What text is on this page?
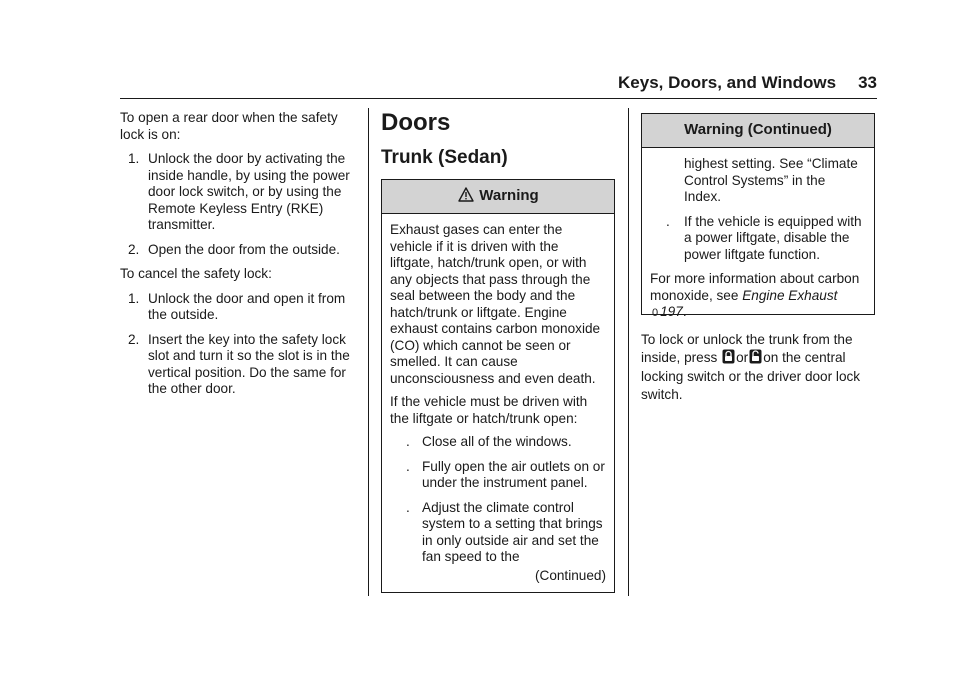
Keys, Doors, and Windows 33

To open a rear door when the safety lock is on:

1. Unlock the door by activating the inside handle, by using the power door lock switch, or by using the Remote Keyless Entry (RKE) transmitter.
2. Open the door from the outside.

To cancel the safety lock:

1. Unlock the door and open it from the outside.
2. Insert the key into the safety lock slot and turn it so the slot is in the vertical position. Do the same for the other door.
Doors
Trunk (Sedan)
Warning

Exhaust gases can enter the vehicle if it is driven with the liftgate, hatch/trunk open, or with any objects that pass through the seal between the body and the hatch/trunk or liftgate. Engine exhaust contains carbon monoxide (CO) which cannot be seen or smelled. It can cause unconsciousness and even death.

If the vehicle must be driven with the liftgate or hatch/trunk open:

. Close all of the windows.
. Fully open the air outlets on or under the instrument panel.
. Adjust the climate control system to a setting that brings in only outside air and set the fan speed to the
(Continued)
Warning (Continued)
highest setting. See “Climate Control Systems” in the Index.
. If the vehicle is equipped with a power liftgate, disable the power liftgate function.

For more information about carbon monoxide, see Engine Exhaust 0 197.

To lock or unlock the trunk from the inside, press or on the central locking switch or the driver door lock switch.
